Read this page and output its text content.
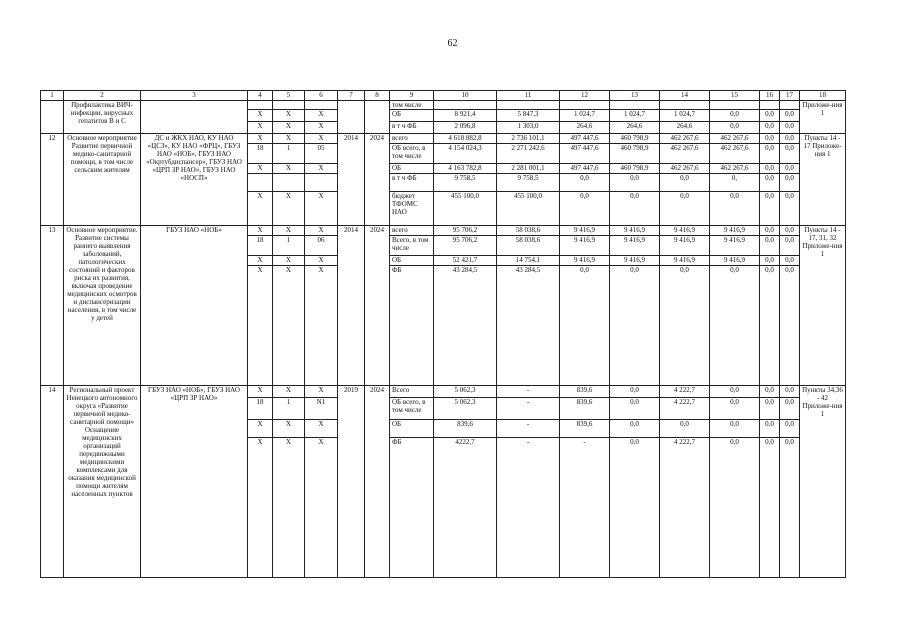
62
1	2	3	4	5	6	7	8	9	10	11	12	13	14	15	16	17	18
	Профилактика ВИЧ-инфекции, вирусных гепатитов В и С							том числе									Приложе-ния 1
			Х	Х	Х			ОБ	8 921,4	5 847,3	1 024,7	1 024,7	1 024,7	0,0	0,0	0,0	
			Х	Х	Х			в т ч ФБ	2 096,8	1 303,0	264,6	264,6	264,6	0,0	0,0	0,0	
12	Основное мероприятие Развитие первичной медико-санитарной помощи, в том числе сельским жителям	ДС и ЖКХ НАО, КУ НАО «ЦСЗ», КУ НАО «ФРЦ», ГБУЗ НАО «НОБ», ГБУЗ НАО «Окртубдиспансер», ГБУЗ НАО «ЦРП ЗР НАО», ГБУЗ НАО «НОСП»	Х	Х	Х	2014	2024	всего	4 618 882,8	2 736 101,1	497 447,6	460 798,9	462 267,6	462 267,6	0,0	0,0	Пункты 14 - 17 Приложе-ния 1
			18	1	05			ОБ всего, в том числе	4 154 024,3	2 271 242,6	497 447,6	460 798,9	462 267,6	462 267,6	0,0	0,0	
			Х	Х	Х			ОБ	4 163 782,8	2 281 001,1	497 447,6	460 798,9	462 267,6	462 267,6	0,0	0,0	
								в т ч ФБ	9 758,5	9 758,5	0,0	0,0	0,0	0,	0,0	0,0	
			Х	Х	Х			бюджет ТФОМС НАО	455 100,0	455 100,0	0,0	0,0	0,0	0,0	0,0	0,0	
13	Основное мероприятие. Развитие системы раннего выявления заболеваний, патологических состояний и факторов риска их развития, включая проведение медицинских осмотров и диспансеризации населения, в том числе у детей	ГБУЗ НАО «НОБ»	Х	Х	Х	2014	2024	всего	95 706,2	58 038,6	9 416,9	9 416,9	9 416,9	9 416,9	0,0	0,0	Пункты 14 - 17, 31, 32 Приложе-ния 1
			18	1	06			Всего, в том числе	95 706,2	58 038,6	9 416,9	9 416,9	9 416,9	9 416,9	0,0	0,0	
			Х	Х	Х			ОБ	52 421,7	14 754,1	9 416,9	9 416,9	9 416,9	9 416,9	0,0	0,0	
			Х	Х	Х			ФБ	43 284,5	43 284,5	0,0	0,0	0,0	0,0	0,0	0,0	
14	Региональный проект Ненецкого автономного округа «Развитие первичной медико-санитарной помощи» Оснащение медицинских организаций передвижными медицинскими комплексами для оказания медицинской помощи жителям населенных пунктов	ГБУЗ НАО «НОБ», ГБУЗ НАО «ЦРП ЗР НАО»	Х	Х	Х	2019	2024	Всего	5 062,3	-	839,6	0,0	4 222,7	0,0	0,0	0,0	Пункты 34,36 - 42 Приложе-ния 1
			18	1	N1			ОБ всего, в том числе	5 062,3	-	839,6	0,0	4 222,7	0,0	0,0	0,0	
			Х	Х	Х			ОБ	839,6	-	839,6	0,0	0,0	0,0	0,0	0,0	
			Х	Х	Х			ФБ	4222,7	-	-	0,0	4 222,7	0,0	0,0	0,0	
